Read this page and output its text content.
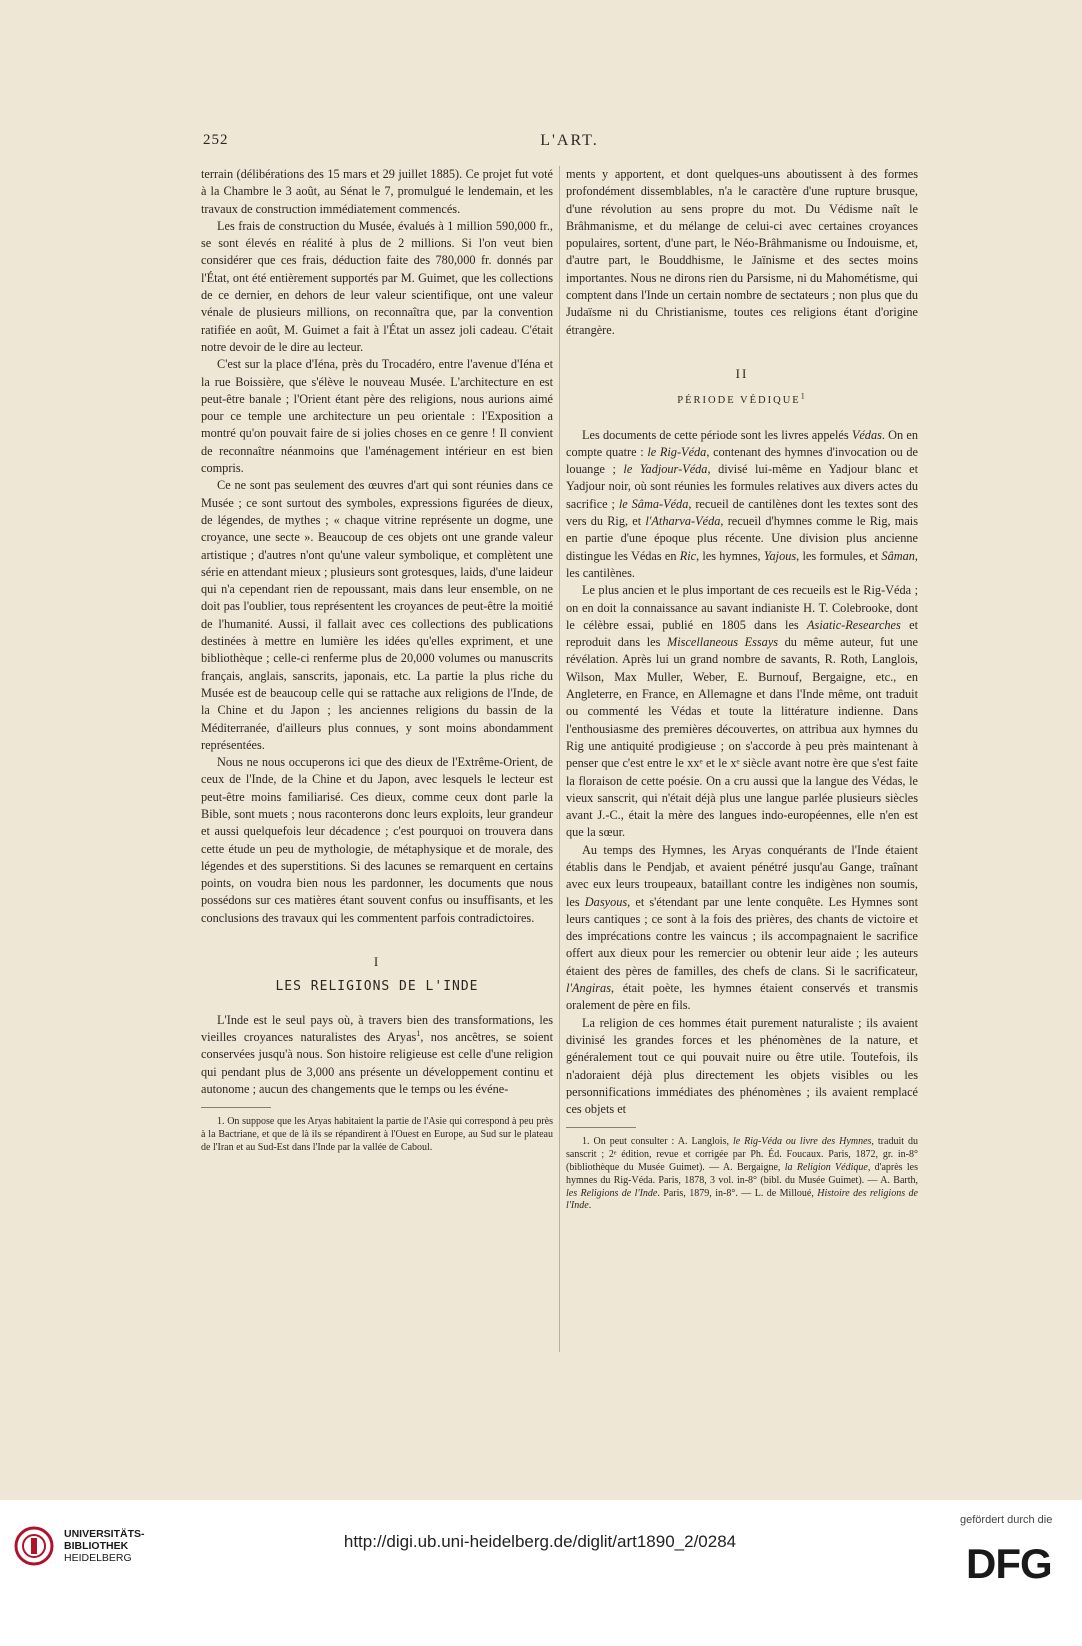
252	L'ART.

terrain (délibérations des 15 mars et 29 juillet 1885). Ce projet fut voté à la Chambre le 3 août, au Sénat le 7, promulgué le lendemain, et les travaux de construction immédiatement commencés.

Les frais de construction du Musée, évalués à 1 million 590,000 fr., se sont élevés en réalité à plus de 2 millions. Si l'on veut bien considérer que ces frais, déduction faite des 780,000 fr. donnés par l'État, ont été entièrement supportés par M. Guimet, que les collections de ce dernier, en dehors de leur valeur scientifique, ont une valeur vénale de plusieurs millions, on reconnaîtra que, par la convention ratifiée en août, M. Guimet a fait à l'État un assez joli cadeau. C'était notre devoir de le dire au lecteur.

C'est sur la place d'Iéna, près du Trocadéro, entre l'avenue d'Iéna et la rue Boissière, que s'élève le nouveau Musée. L'architecture en est peut-être banale ; l'Orient étant père des religions, nous aurions aimé pour ce temple une architecture un peu orientale : l'Exposition a montré qu'on pouvait faire de si jolies choses en ce genre ! Il convient de reconnaître néanmoins que l'aménagement intérieur en est bien compris.

Ce ne sont pas seulement des œuvres d'art qui sont réunies dans ce Musée ; ce sont surtout des symboles, expressions figurées de dieux, de légendes, de mythes ; « chaque vitrine représente un dogme, une croyance, une secte ». Beaucoup de ces objets ont une grande valeur artistique ; d'autres n'ont qu'une valeur symbolique, et complètent une série en attendant mieux ; plusieurs sont grotesques, laids, d'une laideur qui n'a cependant rien de repoussant, mais dans leur ensemble, on ne doit pas l'oublier, tous représentent les croyances de peut-être la moitié de l'humanité. Aussi, il fallait avec ces collections des publications destinées à mettre en lumière les idées qu'elles expriment, et une bibliothèque ; celle-ci renferme plus de 20,000 volumes ou manuscrits français, anglais, sanscrits, japonais, etc. La partie la plus riche du Musée est de beaucoup celle qui se rattache aux religions de l'Inde, de la Chine et du Japon ; les anciennes religions du bassin de la Méditerranée, d'ailleurs plus connues, y sont moins abondamment représentées.

Nous ne nous occuperons ici que des dieux de l'Extrême-Orient, de ceux de l'Inde, de la Chine et du Japon, avec lesquels le lecteur est peut-être moins familiarisé. Ces dieux, comme ceux dont parle la Bible, sont muets ; nous raconterons donc leurs exploits, leur grandeur et aussi quelquefois leur décadence ; c'est pourquoi on trouvera dans cette étude un peu de mythologie, de métaphysique et de morale, des légendes et des superstitions. Si des lacunes se remarquent en certains points, on voudra bien nous les pardonner, les documents que nous possédons sur ces matières étant souvent confus ou insuffisants, et les conclusions des travaux qui les commentent parfois contradictoires.

I
LES RELIGIONS DE L'INDE

L'Inde est le seul pays où, à travers bien des transformations, les vieilles croyances naturalistes des Aryas$^1$, nos ancêtres, se soient conservées jusqu'à nous. Son histoire religieuse est celle d'une religion qui pendant plus de 3,000 ans présente un développement continu et autonome ; aucun des changements que le temps ou les événe-

1. On suppose que les Aryas habitaient la partie de l'Asie qui correspond à peu près à la Bactriane, et que de là ils se répandirent à l'Ouest en Europe, au Sud sur le plateau de l'Iran et au Sud-Est dans l'Inde par la vallée de Caboul.

ments y apportent, et dont quelques-uns aboutissent à des formes profondément dissemblables, n'a le caractère d'une rupture brusque, d'une révolution au sens propre du mot. Du Védisme naît le Brâhmanisme, et du mélange de celui-ci avec certaines croyances populaires, sortent, d'une part, le Néo-Brâhmanisme ou Indouisme, et, d'autre part, le Bouddhisme, le Jaïnisme et des sectes moins importantes. Nous ne dirons rien du Parsisme, ni du Mahométisme, qui comptent dans l'Inde un certain nombre de sectateurs ; non plus que du Judaïsme ni du Christianisme, toutes ces religions étant d'origine étrangère.

II
PÉRIODE VÉDIQUE$^1$

Les documents de cette période sont les livres appelés Védas. On en compte quatre : le Rig-Véda, contenant des hymnes d'invocation ou de louange ; le Yadjour-Véda, divisé lui-même en Yadjour blanc et Yadjour noir, où sont réunies les formules relatives aux divers actes du sacrifice ; le Sâma-Véda, recueil de cantilènes dont les textes sont des vers du Rig, et l'Atharva-Véda, recueil d'hymnes comme le Rig, mais en partie d'une époque plus récente. Une division plus ancienne distingue les Védas en Ric, les hymnes, Yajous, les formules, et Sâman, les cantilènes.

Le plus ancien et le plus important de ces recueils est le Rig-Véda ; on en doit la connaissance au savant indianiste H. T. Colebrooke, dont le célèbre essai, publié en 1805 dans les Asiatic-Researches et reproduit dans les Miscellaneous Essays du même auteur, fut une révélation. Après lui un grand nombre de savants, R. Roth, Langlois, Wilson, Max Muller, Weber, E. Burnouf, Bergaigne, etc., en Angleterre, en France, en Allemagne et dans l'Inde même, ont traduit ou commenté les Védas et toute la littérature indienne. Dans l'enthousiasme des premières découvertes, on attribua aux hymnes du Rig une antiquité prodigieuse ; on s'accorde à peu près maintenant à penser que c'est entre le xxᵉ et le xᵉ siècle avant notre ère que s'est faite la floraison de cette poésie. On a cru aussi que la langue des Védas, le vieux sanscrit, qui n'était déjà plus une langue parlée plusieurs siècles avant J.-C., était la mère des langues indo-européennes, elle n'en est que la sœur.

Au temps des Hymnes, les Aryas conquérants de l'Inde étaient établis dans le Pendjab, et avaient pénétré jusqu'au Gange, traînant avec eux leurs troupeaux, bataillant contre les indigènes non soumis, les Dasyous, et s'étendant par une lente conquête. Les Hymnes sont leurs cantiques ; ce sont à la fois des prières, des chants de victoire et des imprécations contre les vaincus ; ils accompagnaient le sacrifice offert aux dieux pour les remercier ou obtenir leur aide ; les auteurs étaient des pères de familles, des chefs de clans. Si le sacrificateur, l'Angiras, était poète, les hymnes étaient conservés et transmis oralement de père en fils.

La religion de ces hommes était purement naturaliste ; ils avaient divinisé les grandes forces et les phénomènes de la nature, et généralement tout ce qui pouvait nuire ou être utile. Toutefois, ils n'adoraient déjà plus directement les objets visibles ou les personnifications immédiates des phénomènes ; ils avaient remplacé ces objets et

1. On peut consulter : A. Langlois, le Rig-Véda ou livre des Hymnes, traduit du sanscrit ; 2ᵉ édition, revue et corrigée par Ph. Éd. Foucaux. Paris, 1872, gr. in-8° (bibliothèque du Musée Guimet). — A. Bergaigne, la Religion Védique, d'après les hymnes du Rig-Véda. Paris, 1878, 3 vol. in-8° (bibl. du Musée Guimet). — A. Barth, les Religions de l'Inde. Paris, 1879, in-8°. — L. de Milloué, Histoire des religions de l'Inde.

UNIVERSITÄTS-
BIBLIOTHEK
HEIDELBERG
http://digi.ub.uni-heidelberg.de/diglit/art1890_2/0284
gefördert durch die
DFG
